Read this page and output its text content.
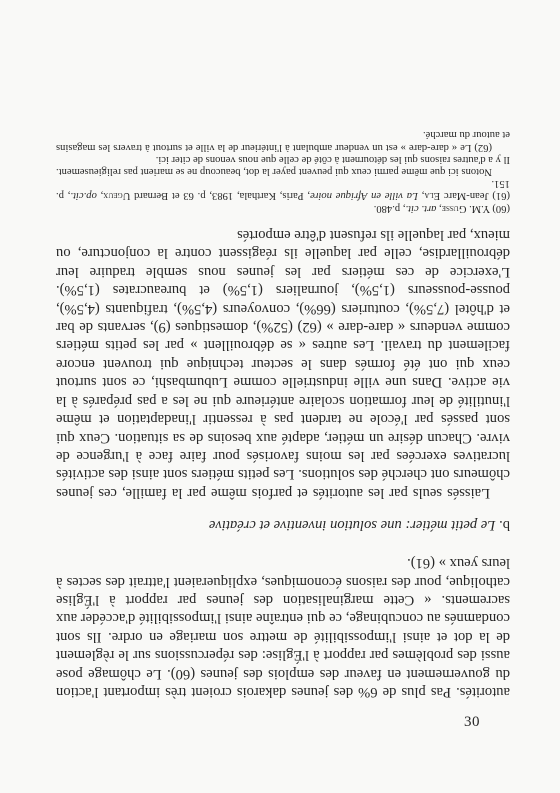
autorités. Pas plus de 6% des jeunes dakarois croient très important l'action du gouvernement en faveur des emplois des jeunes (60). Le chômage pose aussi des problèmes par rapport à l'Église: des répercussions sur le règlement de la dot et ainsi l'impossibilité de mettre son mariage en ordre. Ils sont condamnés au concubinage, ce qui entraîne ainsi l'impossibilité d'accéder aux sacrements. « Cette marginalisation des jeunes par rapport à l'Église catholique, pour des raisons économiques, expliqueraient l'attrait des sectes à leurs yeux » (61).

b. Le petit métier: une solution inventive et créative

Laissés seuls par les autorités et parfois même par la famille, ces jeunes chômeurs ont cherché des solutions. Les petits métiers sont ainsi des activités lucratives exercées par les moins favorisés pour faire face à l'urgence de vivre. Chacun désire un métier, adapté aux besoins de sa situation. Ceux qui sont passés par l'école ne tardent pas à ressentir l'inadaptation et même l'inutilité de leur formation scolaire antérieure qui ne les a pas préparés à la vie active. Dans une ville industrielle comme Lubumbashi, ce sont surtout ceux qui ont été formés dans le secteur technique qui trouvent encore facilement du travail. Les autres « se débrouillent » par les petits métiers comme vendeurs « dare-dare » (62) (52%), domestiques (9), servants de bar et d'hôtel (7,5%), couturiers (66%), convoyeurs (4,5%), trafiquants (4,5%), pousse-pousseurs (1,5%), journaliers (1,5%) et bureaucrates (1,5%). L'exercice de ces métiers par les jeunes nous semble traduire leur débrouillardise, celle par laquelle ils réagissent contre la conjoncture, ou mieux, par laquelle ils refusent d'être emportés

(60) Y.M. Gusse, art. cit., p.480.

(61) Jean-Marc Ela, La ville en Afrique noire, Paris, Karthala, 1983, p. 63 et Bernard Ugeux, op.cit., p. 151.

Notons ici que même parmi ceux qui peuvent payer la dot, beaucoup ne se marient pas religieusement. Il y a d'autres raisons qui les détournent à côté de celle que nous venons de citer ici.

(62) Le « dare-dare » est un vendeur ambulant à l'intérieur de la ville et surtout à travers les magasins et autour du marché.

30
